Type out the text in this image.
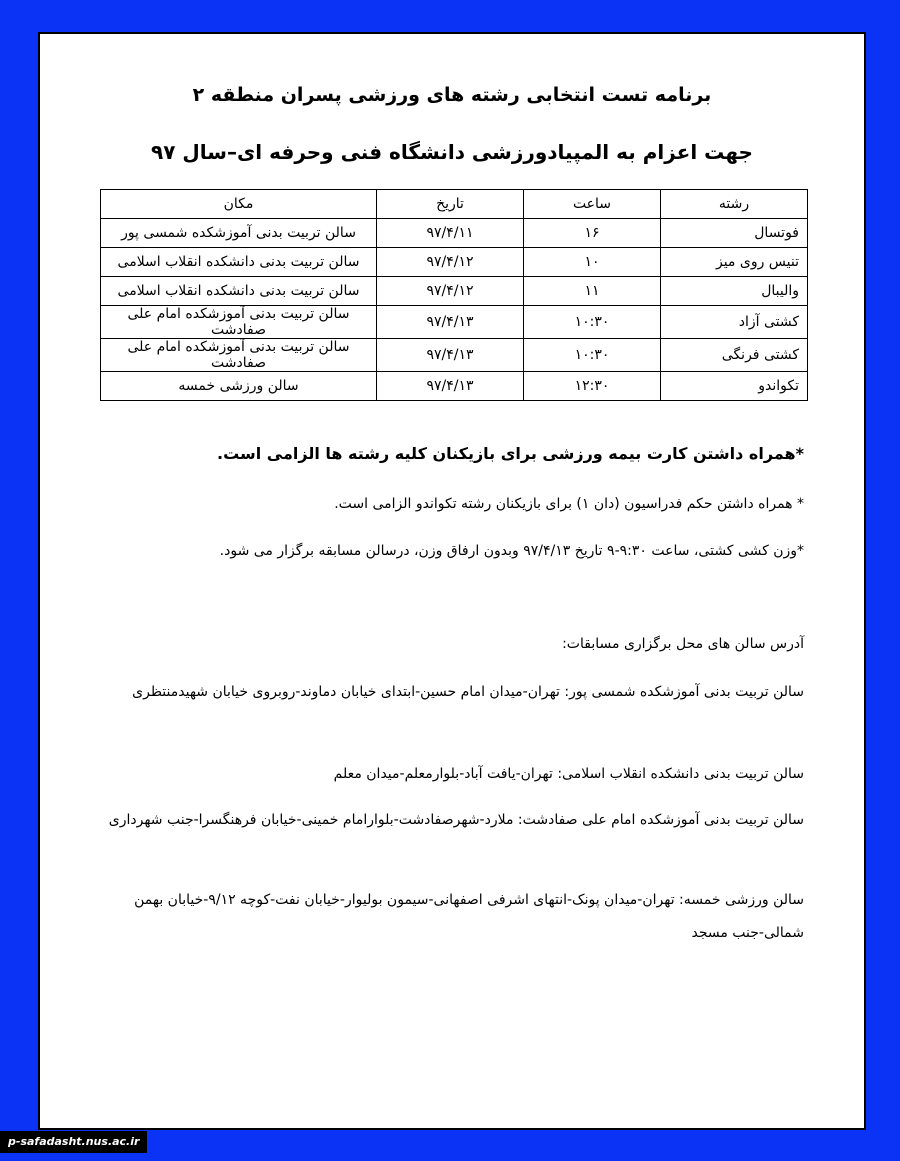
برنامه تست انتخابی رشته های ورزشی پسران منطقه ۲
جهت اعزام به المپیادورزشی دانشگاه فنی وحرفه ای–سال ۹۷
رشته	ساعت	تاریخ	مکان
فوتسال	۱۶	۹۷/۴/۱۱	سالن تربیت بدنی آموزشکده شمسی پور
تنیس روی میز	۱۰	۹۷/۴/۱۲	سالن تربیت بدنی دانشکده انقلاب اسلامی
والیبال	۱۱	۹۷/۴/۱۲	سالن تربیت بدنی دانشکده انقلاب اسلامی
کشتی آزاد	۱۰:۳۰	۹۷/۴/۱۳	سالن تربیت بدنی آموزشکده امام علی صفادشت
کشتی فرنگی	۱۰:۳۰	۹۷/۴/۱۳	سالن تربیت بدنی آموزشکده امام علی صفادشت
تکواندو	۱۲:۳۰	۹۷/۴/۱۳	سالن ورزشی خمسه
*همراه داشتن کارت بیمه ورزشی برای بازیکنان کلیه رشته ها الزامی است.
* همراه داشتن حکم فدراسیون (دان ۱) برای بازیکنان رشته تکواندو الزامی است.
*وزن کشی کشتی، ساعت ۹:۳۰-۹ تاریخ ۹۷/۴/۱۳ وبدون ارفاق وزن، درسالن مسابقه برگزار می شود.
آدرس سالن های محل برگزاری مسابقات:
سالن تربیت بدنی آموزشکده شمسی پور: تهران-میدان امام حسین-ابتدای خیابان دماوند-روبروی خیابان شهیدمنتظری
سالن تربیت بدنی دانشکده انقلاب اسلامی: تهران-یافت آباد-بلوارمعلم-میدان معلم
سالن تربیت بدنی آموزشکده امام علی صفادشت: ملارد-شهرصفادشت-بلوارامام خمینی-خیابان فرهنگسرا-جنب شهرداری
سالن ورزشی خمسه: تهران-میدان پونک-انتهای اشرفی اصفهانی-سیمون بولیوار-خیابان نفت-کوچه ۹/۱۲-خیابان بهمن شمالی-جنب مسجد
p-safadasht.nus.ac.ir
